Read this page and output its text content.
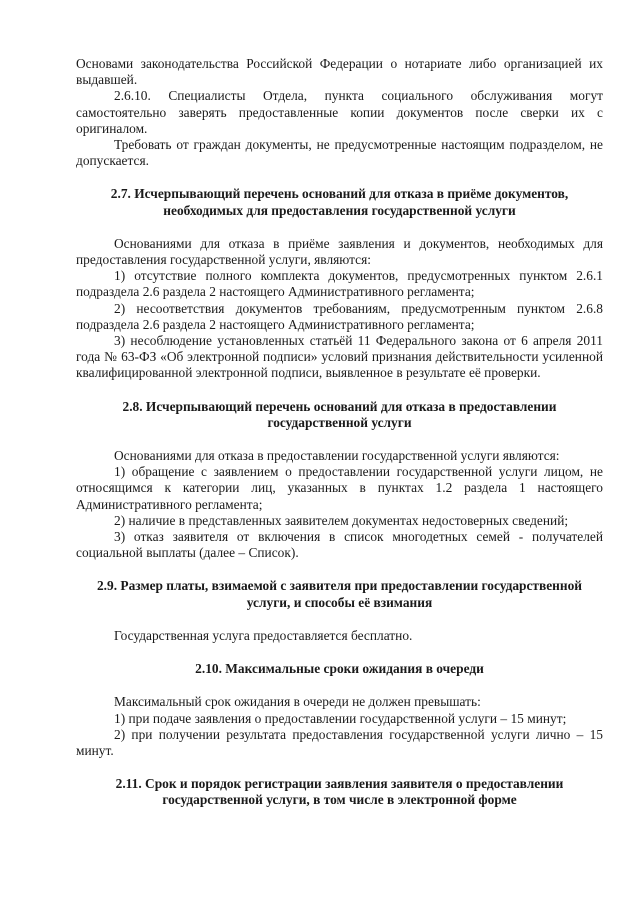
Основами законодательства Российской Федерации о нотариате либо организацией их выдавшей.

2.6.10. Специалисты Отдела, пункта социального обслуживания могут самостоятельно заверять предоставленные копии документов после сверки их с оригиналом.

Требовать от граждан документы, не предусмотренные настоящим подразделом, не допускается.

2.7. Исчерпывающий перечень оснований для отказа в приёме документов,
необходимых для предоставления государственной услуги

Основаниями для отказа в приёме заявления и документов, необходимых для предоставления государственной услуги, являются:

1) отсутствие полного комплекта документов, предусмотренных пунктом 2.6.1 подраздела 2.6 раздела 2 настоящего Административного регламента;

2) несоответствия документов требованиям, предусмотренным пунктом 2.6.8 подраздела 2.6 раздела 2 настоящего Административного регламента;

3) несоблюдение установленных статьёй 11 Федерального закона от 6 апреля 2011 года № 63-ФЗ «Об электронной подписи» условий признания действительности усиленной квалифицированной электронной подписи, выявленное в результате её проверки.

2.8. Исчерпывающий перечень оснований для отказа в предоставлении
государственной услуги

Основаниями для отказа в предоставлении государственной услуги являются:

1) обращение с заявлением о предоставлении государственной услуги лицом, не относящимся к категории лиц, указанных в пунктах 1.2 раздела 1 настоящего Административного регламента;

2) наличие в представленных заявителем документах недостоверных сведений;

3) отказ заявителя от включения в список многодетных семей - получателей социальной выплаты (далее – Список).

2.9. Размер платы, взимаемой с заявителя при предоставлении государственной
услуги, и способы её взимания

Государственная услуга предоставляется бесплатно.

2.10. Максимальные сроки ожидания в очереди

Максимальный срок ожидания в очереди не должен превышать:

1) при подаче заявления о предоставлении государственной услуги – 15 минут;

2) при получении результата предоставления государственной услуги лично – 15 минут.

2.11. Срок и порядок регистрации заявления заявителя о предоставлении
государственной услуги, в том числе в электронной форме
